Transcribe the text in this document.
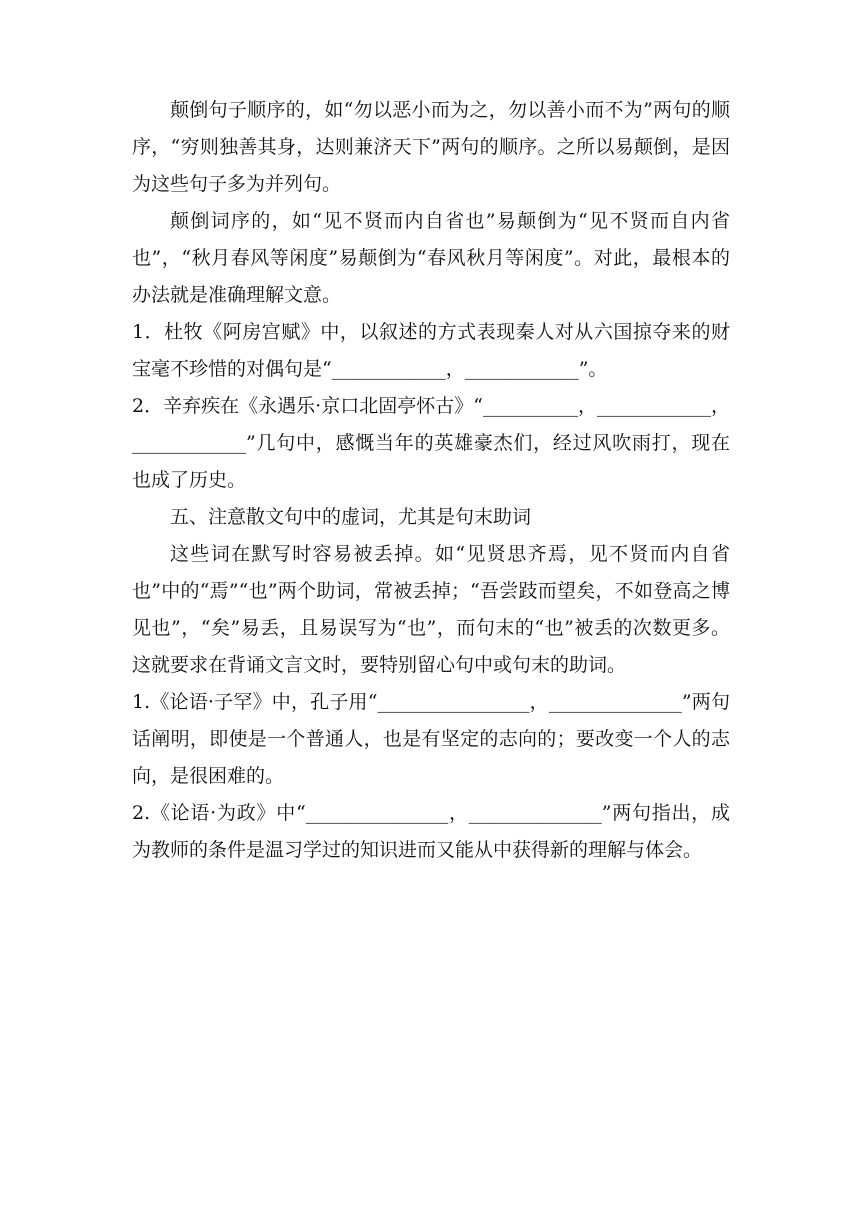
颠倒句子顺序的，如“勿以恶小而为之，勿以善小而不为”两句的顺序，“穷则独善其身，达则兼济天下”两句的顺序。之所以易颠倒，是因为这些句子多为并列句。

颠倒词序的，如“见不贤而内自省也”易颠倒为“见不贤而自内省也”，“秋月春风等闲度”易颠倒为“春风秋月等闲度”。对此，最根本的办法就是准确理解文意。

1．杜牧《阿房宫赋》中，以叙述的方式表现秦人对从六国掠夺来的财宝毫不珍惜的对偶句是“____________，____________”。

2．辛弃疾在《永遇乐·京口北固亭怀古》“__________，____________，____________”几句中，感慨当年的英雄豪杰们，经过风吹雨打，现在也成了历史。

五、注意散文句中的虚词，尤其是句末助词

这些词在默写时容易被丢掉。如“见贤思齐焉，见不贤而内自省也”中的“焉”“也”两个助词，常被丢掉；“吾尝跂而望矣，不如登高之博见也”，“矣”易丢，且易误写为“也”，而句末的“也”被丢的次数更多。这就要求在背诵文言文时，要特别留心句中或句末的助词。

1.《论语·子罕》中，孔子用“________________，______________”两句话阐明，即使是一个普通人，也是有坚定的志向的；要改变一个人的志向，是很困难的。

2.《论语·为政》中“_______________，______________”两句指出，成为教师的条件是温习学过的知识进而又能从中获得新的理解与体会。
